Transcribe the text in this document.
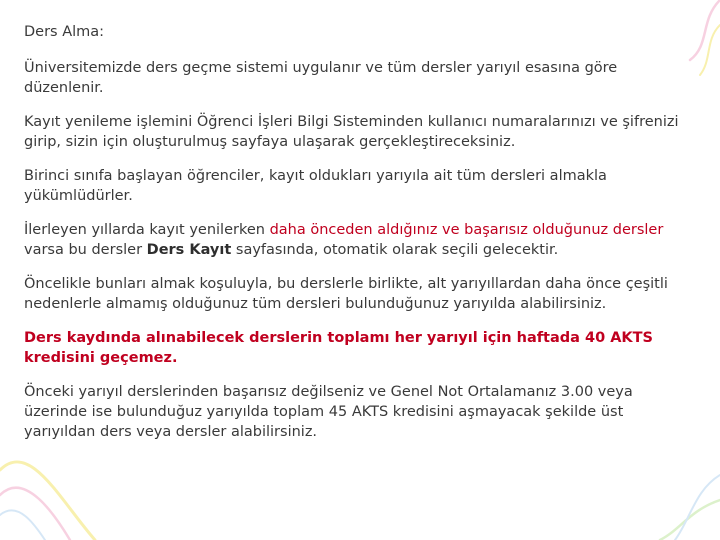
Ders Alma:

Üniversitemizde ders geçme sistemi uygulanır ve tüm dersler yarıyıl esasına göre düzenlenir.

Kayıt yenileme işlemini Öğrenci İşleri Bilgi Sisteminden kullanıcı numaralarınızı ve şifrenizi girip, sizin için oluşturulmuş sayfaya ulaşarak gerçekleştireceksiniz.

Birinci sınıfa başlayan öğrenciler, kayıt oldukları yarıyıla ait tüm dersleri almakla yükümlüdürler.

İlerleyen yıllarda kayıt yenilerken daha önceden aldığınız ve başarısız olduğunuz dersler varsa bu dersler Ders Kayıt sayfasında, otomatik olarak seçili gelecektir.

Öncelikle bunları almak koşuluyla, bu derslerle birlikte, alt yarıyıllardan daha önce çeşitli nedenlerle almamış olduğunuz tüm dersleri bulunduğunuz yarıyılda alabilirsiniz.

Ders kaydında alınabilecek derslerin toplamı her yarıyıl için haftada 40 AKTS kredisini geçemez.

Önceki yarıyıl derslerinden başarısız değilseniz ve Genel Not Ortalamanız 3.00 veya üzerinde ise bulunduğuz yarıyılda toplam 45 AKTS kredisini aşmayacak şekilde üst yarıyıldan ders veya dersler alabilirsiniz.
